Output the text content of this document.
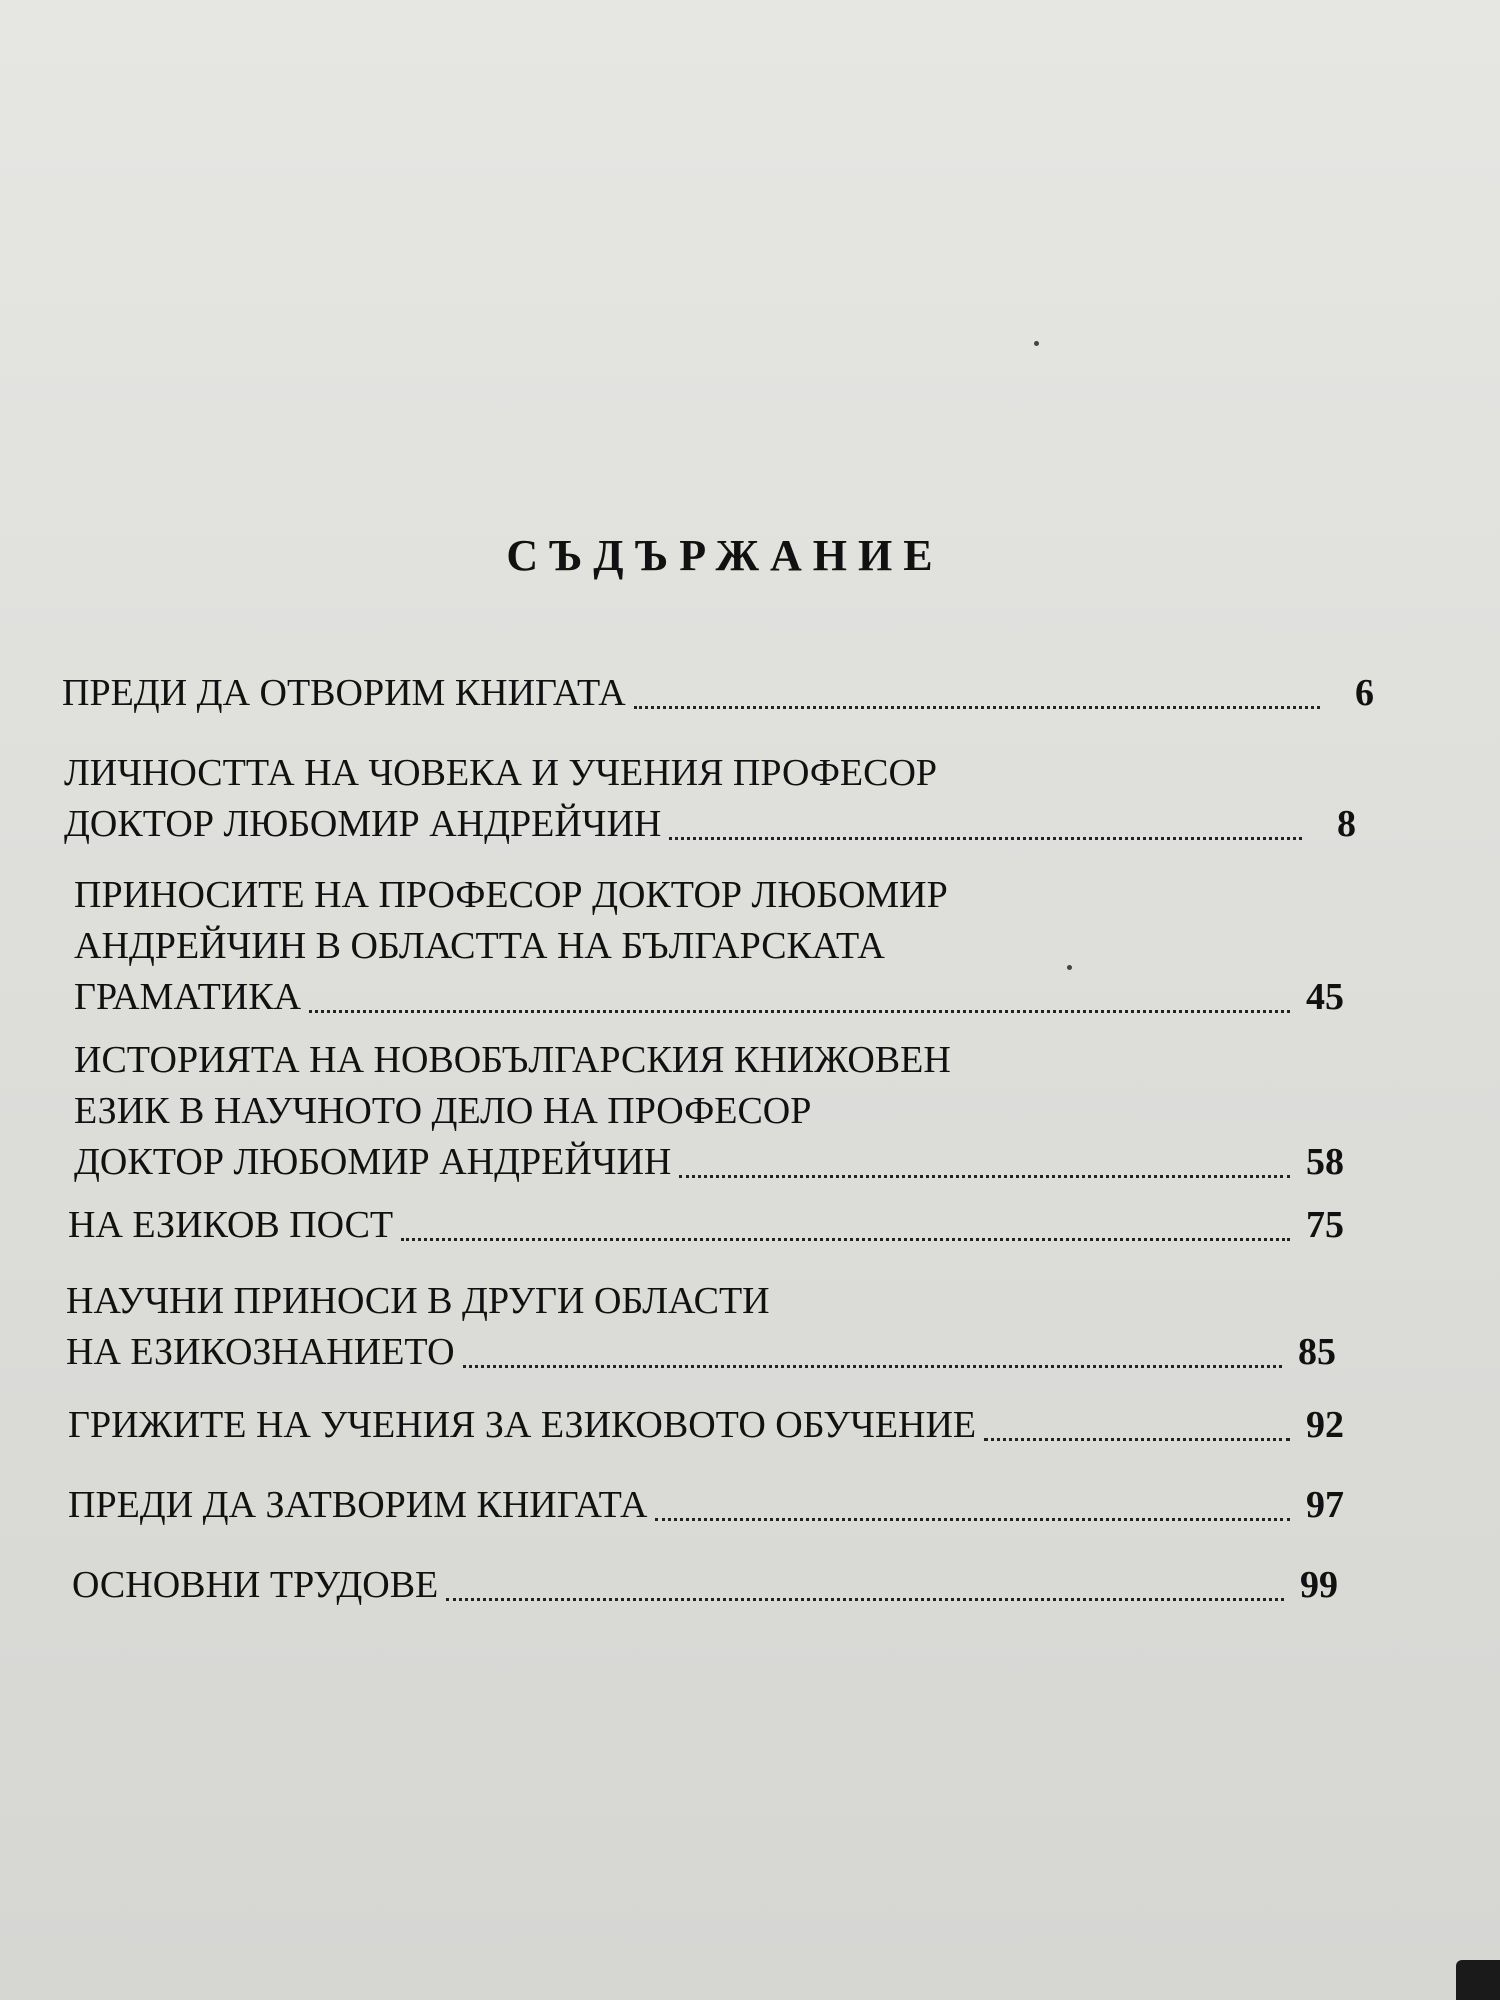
СЪДЪРЖАНИЕ
ПРЕДИ ДА ОТВОРИМ КНИГАТА	6
ЛИЧНОСТТА НА ЧОВЕКА И УЧЕНИЯ ПРОФЕСОР
ДОКТОР ЛЮБОМИР АНДРЕЙЧИН	8
ПРИНОСИТЕ НА ПРОФЕСОР ДОКТОР ЛЮБОМИР
АНДРЕЙЧИН В ОБЛАСТТА НА БЪЛГАРСКАТА
ГРАМАТИКА	45
ИСТОРИЯТА НА НОВОБЪЛГАРСКИЯ КНИЖОВЕН
ЕЗИК В НАУЧНОТО ДЕЛО НА ПРОФЕСОР
ДОКТОР ЛЮБОМИР АНДРЕЙЧИН	58
НА ЕЗИКОВ ПОСТ	75
НАУЧНИ ПРИНОСИ В ДРУГИ ОБЛАСТИ
НА ЕЗИКОЗНАНИЕТО	85
ГРИЖИТЕ НА УЧЕНИЯ ЗА ЕЗИКОВОТО ОБУЧЕНИЕ	92
ПРЕДИ ДА ЗАТВОРИМ КНИГАТА	97
ОСНОВНИ ТРУДОВЕ	99
